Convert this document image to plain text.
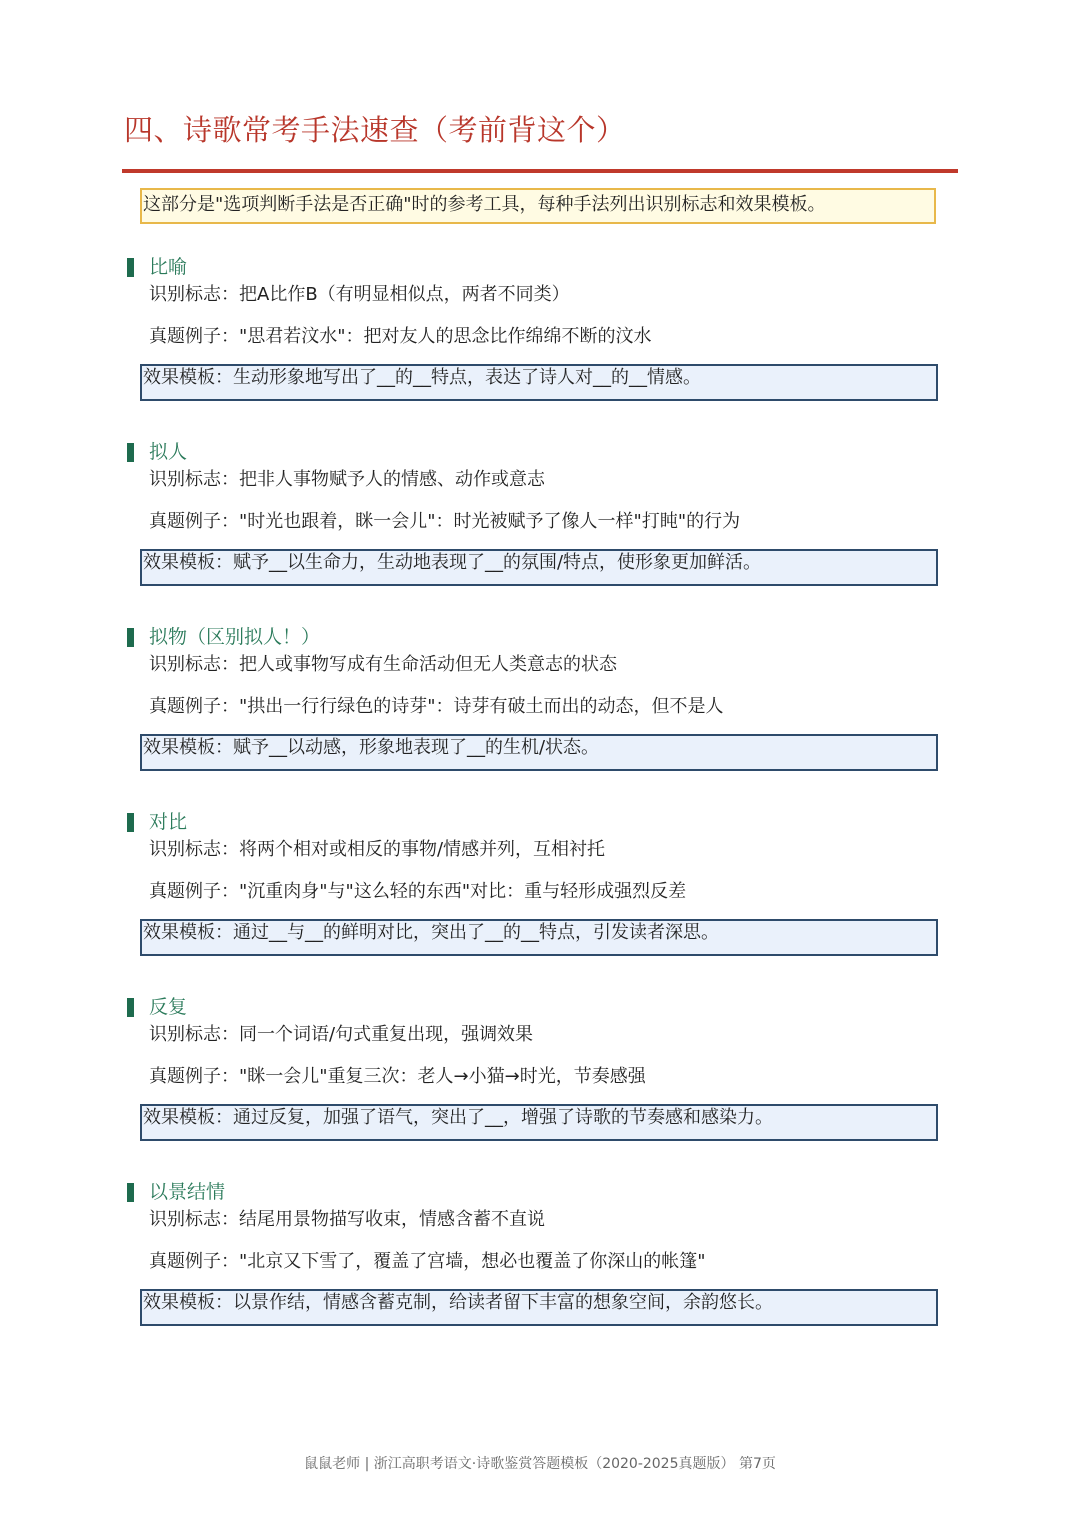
四、诗歌常考手法速查（考前背这个）
这部分是"选项判断手法是否正确"时的参考工具，每种手法列出识别标志和效果模板。
比喻
识别标志：把A比作B（有明显相似点，两者不同类）
真题例子："思君若汶水"：把对友人的思念比作绵绵不断的汶水
效果模板：生动形象地写出了__的__特点，表达了诗人对__的__情感。
拟人
识别标志：把非人事物赋予人的情感、动作或意志
真题例子："时光也跟着，眯一会儿"：时光被赋予了像人一样"打盹"的行为
效果模板：赋予__以生命力，生动地表现了__的氛围/特点，使形象更加鲜活。
拟物（区别拟人！）
识别标志：把人或事物写成有生命活动但无人类意志的状态
真题例子："拱出一行行绿色的诗芽"：诗芽有破土而出的动态，但不是人
效果模板：赋予__以动感，形象地表现了__的生机/状态。
对比
识别标志：将两个相对或相反的事物/情感并列，互相衬托
真题例子："沉重肉身"与"这么轻的东西"对比：重与轻形成强烈反差
效果模板：通过__与__的鲜明对比，突出了__的__特点，引发读者深思。
反复
识别标志：同一个词语/句式重复出现，强调效果
真题例子："眯一会儿"重复三次：老人→小猫→时光，节奏感强
效果模板：通过反复，加强了语气，突出了__，增强了诗歌的节奏感和感染力。
以景结情
识别标志：结尾用景物描写收束，情感含蓄不直说
真题例子："北京又下雪了，覆盖了宫墙，想必也覆盖了你深山的帐篷"
效果模板：以景作结，情感含蓄克制，给读者留下丰富的想象空间，余韵悠长。
鼠鼠老师 | 浙江高职考语文·诗歌鉴赏答题模板（2020-2025真题版） 第7页
